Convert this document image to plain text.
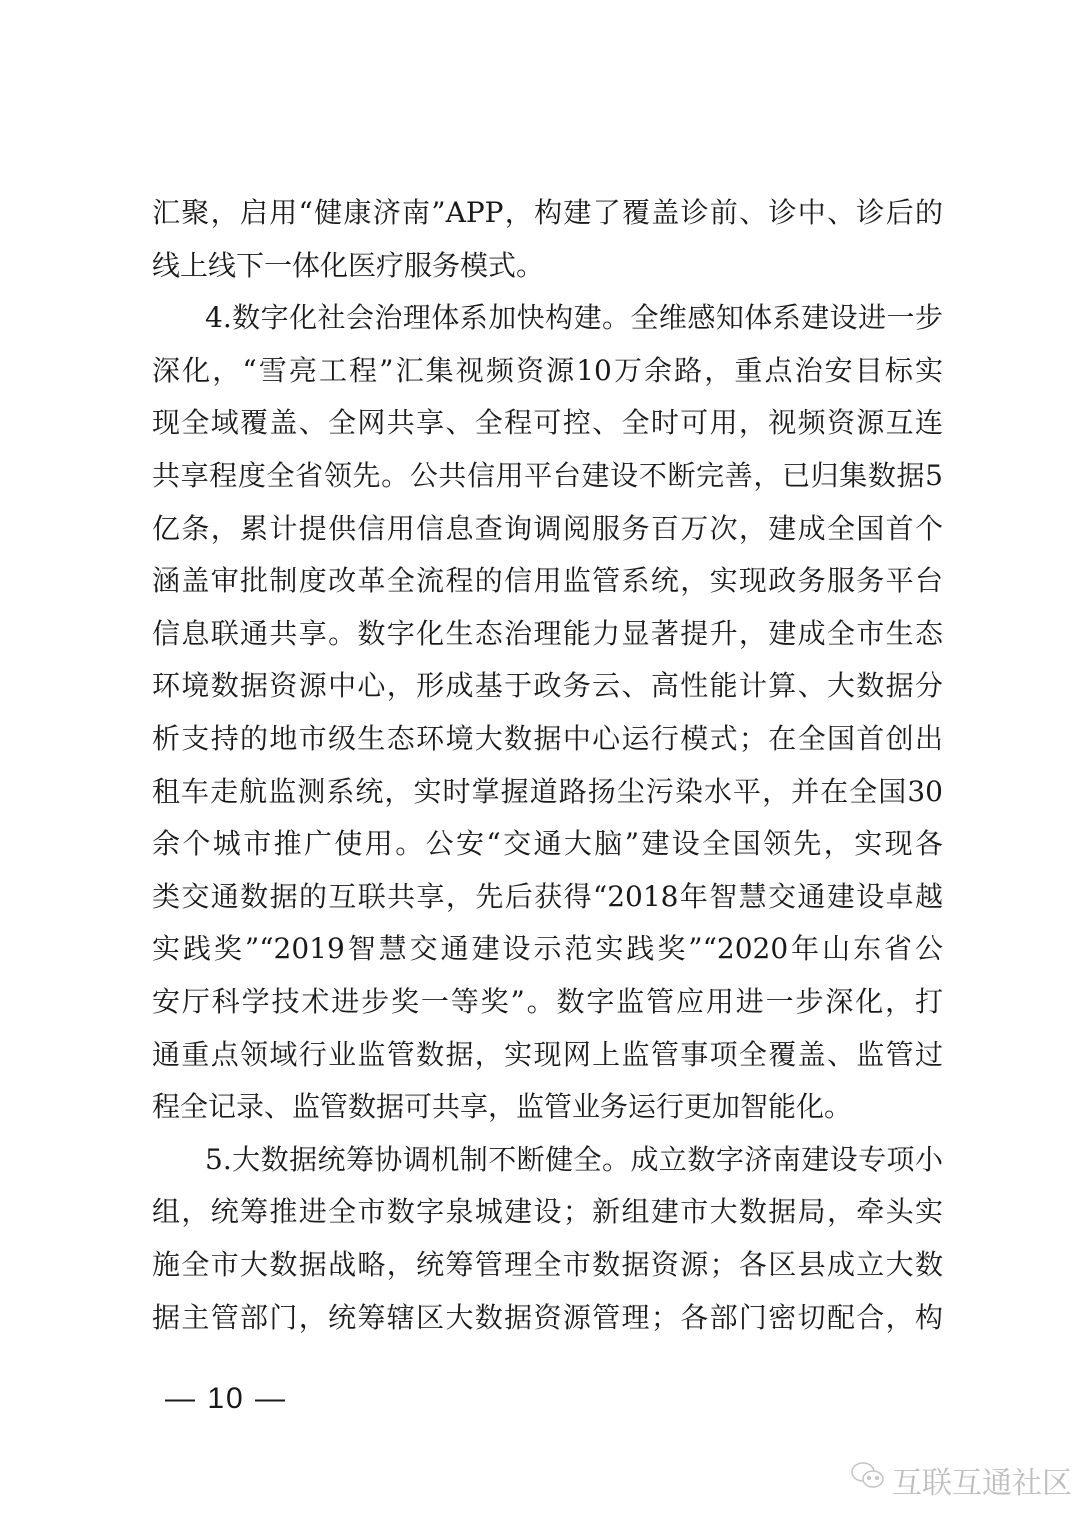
汇聚，启用“健康济南”APP，构建了覆盖诊前、诊中、诊后的
线上线下一体化医疗服务模式。
4.数字化社会治理体系加快构建。全维感知体系建设进一步
深化，“雪亮工程”汇集视频资源10万余路，重点治安目标实
现全域覆盖、全网共享、全程可控、全时可用，视频资源互连
共享程度全省领先。公共信用平台建设不断完善，已归集数据5
亿条，累计提供信用信息查询调阅服务百万次，建成全国首个
涵盖审批制度改革全流程的信用监管系统，实现政务服务平台
信息联通共享。数字化生态治理能力显著提升，建成全市生态
环境数据资源中心，形成基于政务云、高性能计算、大数据分
析支持的地市级生态环境大数据中心运行模式；在全国首创出
租车走航监测系统，实时掌握道路扬尘污染水平，并在全国30
余个城市推广使用。公安“交通大脑”建设全国领先，实现各
类交通数据的互联共享，先后获得“2018年智慧交通建设卓越
实践奖”“2019智慧交通建设示范实践奖”“2020年山东省公
安厅科学技术进步奖一等奖”。数字监管应用进一步深化，打
通重点领域行业监管数据，实现网上监管事项全覆盖、监管过
程全记录、监管数据可共享，监管业务运行更加智能化。
5.大数据统筹协调机制不断健全。成立数字济南建设专项小
组，统筹推进全市数字泉城建设；新组建市大数据局，牵头实
施全市大数据战略，统筹管理全市数据资源；各区县成立大数
据主管部门，统筹辖区大数据资源管理；各部门密切配合，构
— 10 —
互联互通社区
